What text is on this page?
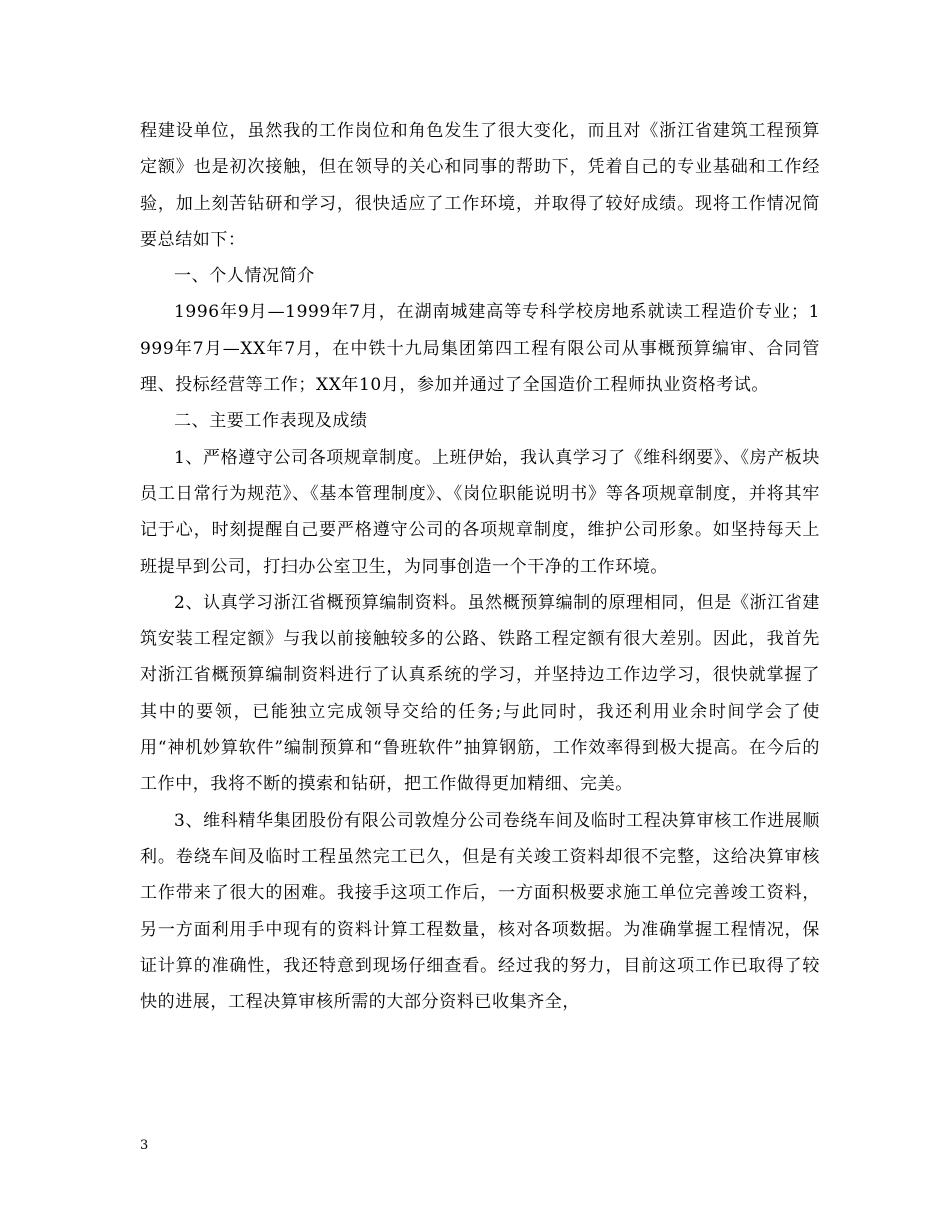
程建设单位，虽然我的工作岗位和角色发生了很大变化，而且对《浙江省建筑工程预算定额》也是初次接触，但在领导的关心和同事的帮助下，凭着自己的专业基础和工作经验，加上刻苦钻研和学习，很快适应了工作环境，并取得了较好成绩。现将工作情况简要总结如下：

一、个人情况简介

1996年9月—1999年7月，在湖南城建高等专科学校房地系就读工程造价专业；1999年7月—XX年7月，在中铁十九局集团第四工程有限公司从事概预算编审、合同管理、投标经营等工作；XX年10月，参加并通过了全国造价工程师执业资格考试。

二、主要工作表现及成绩

1、严格遵守公司各项规章制度。上班伊始，我认真学习了《维科纲要》、《房产板块员工日常行为规范》、《基本管理制度》、《岗位职能说明书》等各项规章制度，并将其牢记于心，时刻提醒自己要严格遵守公司的各项规章制度，维护公司形象。如坚持每天上班提早到公司，打扫办公室卫生，为同事创造一个干净的工作环境。

2、认真学习浙江省概预算编制资料。虽然概预算编制的原理相同，但是《浙江省建筑安装工程定额》与我以前接触较多的公路、铁路工程定额有很大差别。因此，我首先对浙江省概预算编制资料进行了认真系统的学习，并坚持边工作边学习，很快就掌握了其中的要领，已能独立完成领导交给的任务;与此同时，我还利用业余时间学会了使用“神机妙算软件”编制预算和“鲁班软件”抽算钢筋，工作效率得到极大提高。在今后的工作中，我将不断的摸索和钻研，把工作做得更加精细、完美。

3、维科精华集团股份有限公司敦煌分公司卷绕车间及临时工程决算审核工作进展顺利。卷绕车间及临时工程虽然完工已久，但是有关竣工资料却很不完整，这给决算审核工作带来了很大的困难。我接手这项工作后，一方面积极要求施工单位完善竣工资料，另一方面利用手中现有的资料计算工程数量，核对各项数据。为准确掌握工程情况，保证计算的准确性，我还特意到现场仔细查看。经过我的努力，目前这项工作已取得了较快的进展，工程决算审核所需的大部分资料已收集齐全，

3
